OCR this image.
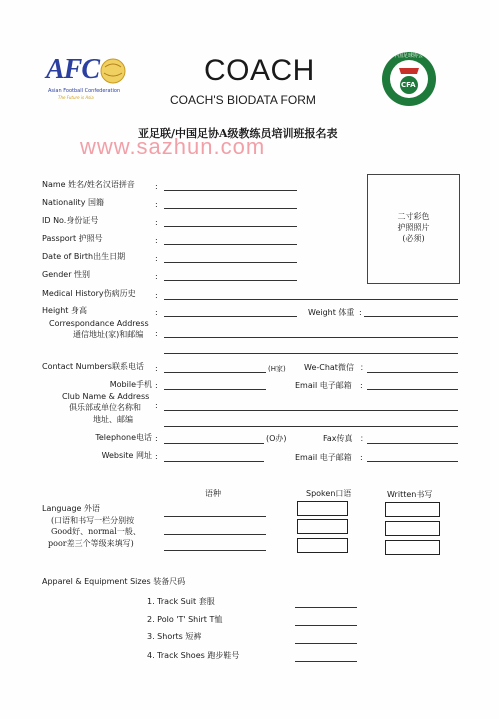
AFC
Asian Football Confederation
The Future is Asia
COACH
COACH'S BIODATA FORM
中国足球协会
CFA
亚足联/中国足协A级教练员培训班报名表
www.sazhun.com
二寸彩色
护照照片
(必须)
Name 姓名/姓名汉语拼音	:
Nationality 国籍	:
ID No.身份证号	:
Passport 护照号	:
Date of Birth出生日期	:
Gender 性别	:
Medical History伤病历史 :
Height 身高	:	Weight 体重 :
Correspondance Address
通信地址(家)和邮编 :
Contact Numbers联系电话 :	(H家) We-Chat微信 ：
Mobile手机 :	Email 电子邮箱 :
Club Name & Address
俱乐部或单位名称和 :
地址、邮编
Telephone电话 :	(O办)	Fax传真 ：
Website 网址 :	Email 电子邮箱 :
语种	Spoken口语	Written书写
Language 外语
(口语和书写一栏分别按
Good好、normal一般、
poor差三个等级来填写)
Apparel & Equipment Sizes 装备尺码
1. Track Suit 套服
2. Polo 'T' Shirt T恤
3. Shorts 短裤
4. Track Shoes 跑步鞋号
